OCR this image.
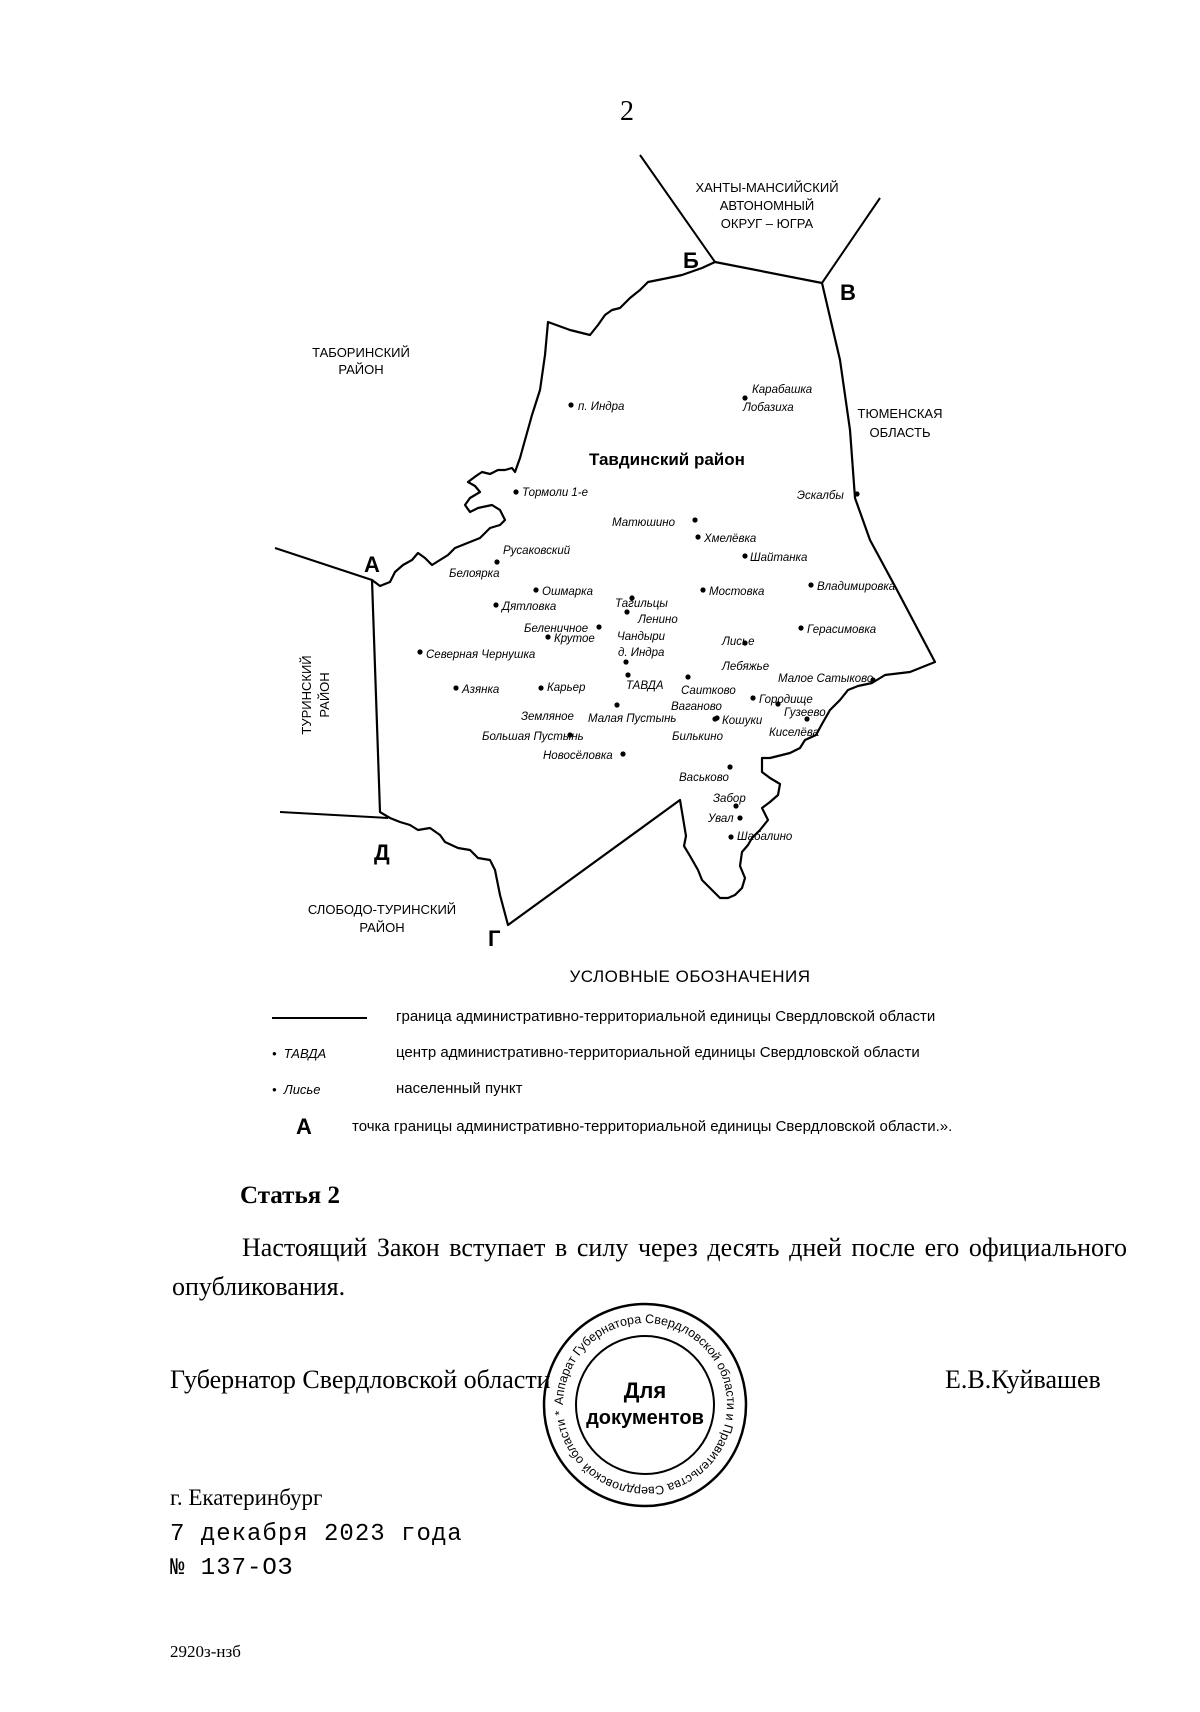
2
ХАНТЫ-МАНСИЙСКИЙ
АВТОНОМНЫЙ
ОКРУГ – ЮГРА
ТАБОРИНСКИЙ
РАЙОН
ТЮМЕНСКАЯ
ОБЛАСТЬ
СЛОБОДО-ТУРИНСКИЙ
РАЙОН
ТУРИНСКИЙ РАЙОН
Б
В
А
Д
Г
Тавдинский район
п. Индра
Карабашка
Лобазиха
Тормоли 1-е	Эскалбы
Матюшино
Хмелёвка
Русаковский
Шайтанка
Белоярка
Ошмарка	Мостовка	Владимировка
Тагильцы
Дятловка
Ленино
Беленичное
Крутое Чандыри	Лисье
Герасимовка
Северная Чернушка	д. Индра
Лебяжье
Малое Сатыково
Азянка	Карьер	ТАВДА Саитково
Городище
Ваганово	Гузеево
Земляное Малая Пустынь	Кошуки
Киселёва
Большая Пустынь	Билькино
Новосёловка
Васьково
Забор
Увал
Шабалино
УСЛОВНЫЕ ОБОЗНАЧЕНИЯ
граница административно-территориальной единицы Свердловской области
•  ТАВДА	центр административно-территориальной единицы Свердловской области
•  Лисье	населенный пункт
А	точка границы административно-территориальной единицы Свердловской области.».
Статья 2

Настоящий Закон вступает в силу через десять дней после его официального опубликования.

Губернатор Свердловской области	Е.В.Куйвашев
Аппарат Губернатора Свердловской области и Правительства Свердловской области *
Для
документов
г. Екатеринбург
7 декабря 2023 года
№ 137-ОЗ
2920з-нзб
